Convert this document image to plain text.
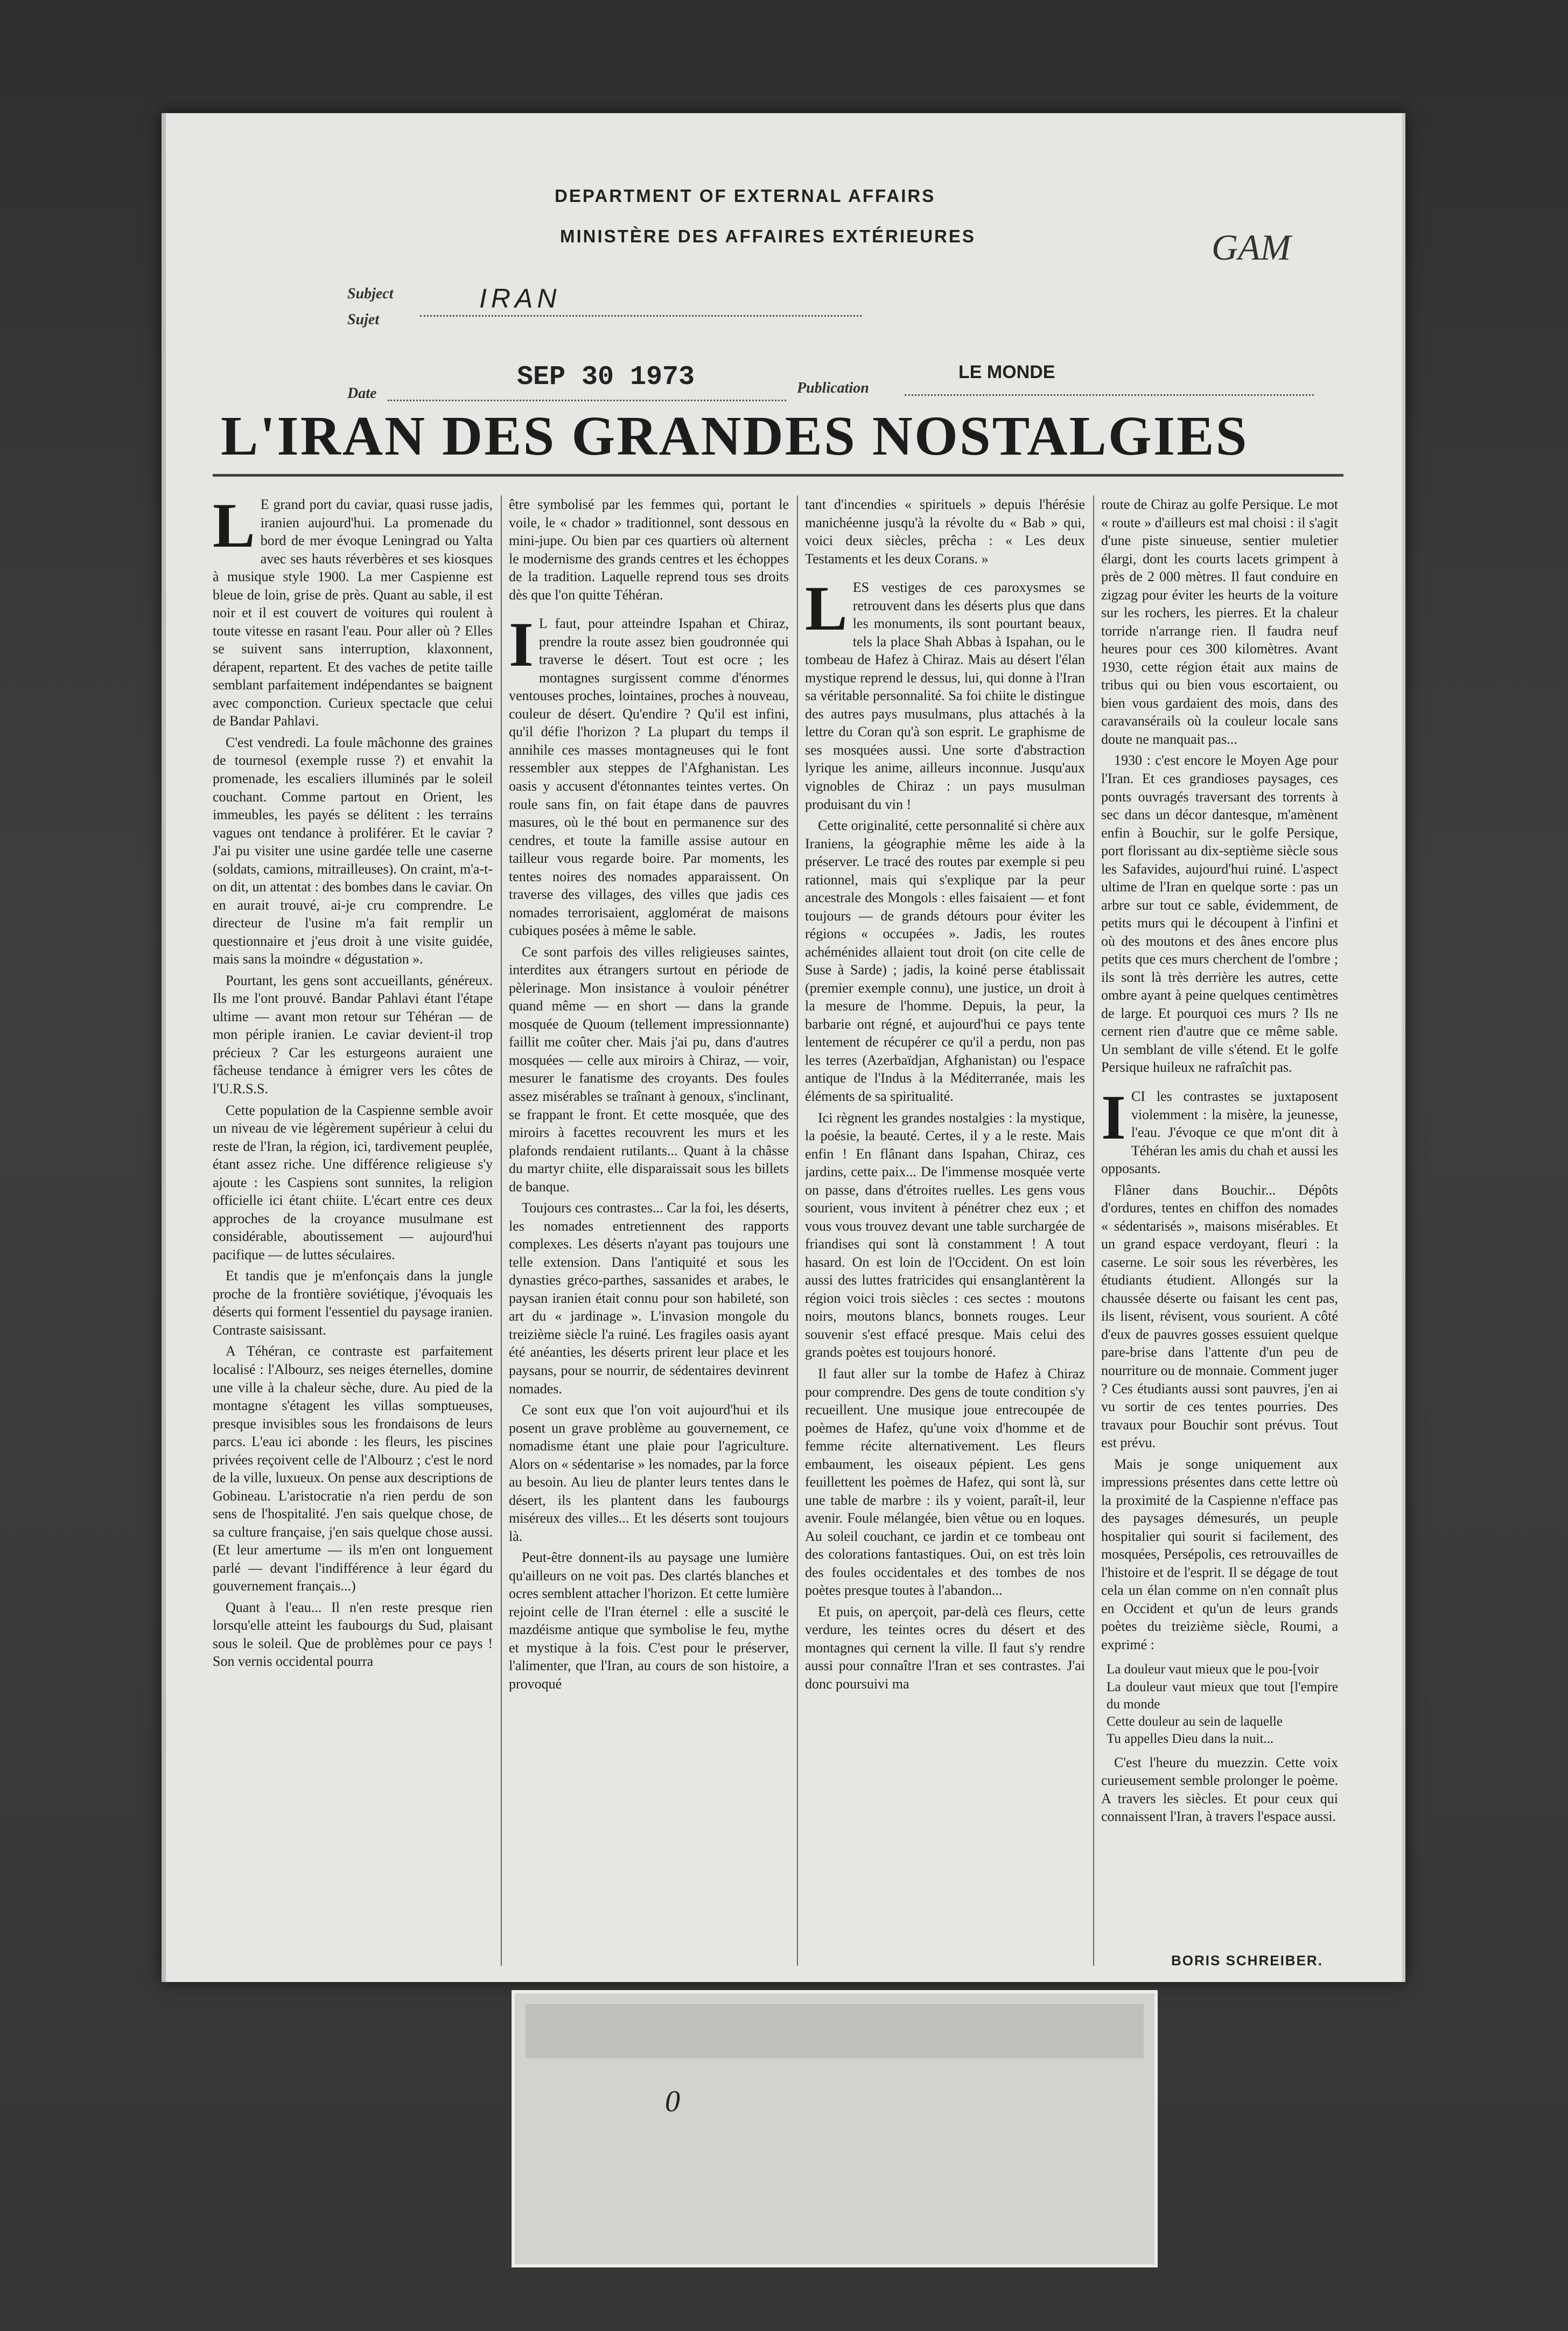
DEPARTMENT OF EXTERNAL AFFAIRS
MINISTÈRE DES AFFAIRES EXTÉRIEURES	GAM
Subject
Sujet
IRAN
Date
SEP 30 1973	Publication
LE MONDE
L'IRAN DES GRANDES NOSTALGIES

L E grand port du caviar, quasi russe jadis, iranien aujourd'hui. La promenade du bord de mer évoque Leningrad ou Yalta avec ses hauts réverbères et ses kiosques à musique style 1900. La mer Caspienne est bleue de loin, grise de près. Quant au sable, il est noir et il est couvert de voitures qui roulent à toute vitesse en rasant l'eau. Pour aller où ? Elles se suivent sans interruption, klaxonnent, dérapent, repartent. Et des vaches de petite taille semblant parfaitement indépendantes se baignent avec componction. Curieux spectacle que celui de Bandar Pahlavi.

C'est vendredi. La foule mâchonne des graines de tournesol (exemple russe ?) et envahit la promenade, les escaliers illuminés par le soleil couchant. Comme partout en Orient, les immeubles, les payés se délitent : les terrains vagues ont tendance à proliférer. Et le caviar ? J'ai pu visiter une usine gardée telle une caserne (soldats, camions, mitrailleuses). On craint, m'a-t-on dit, un attentat : des bombes dans le caviar. On en aurait trouvé, ai-je cru comprendre. Le directeur de l'usine m'a fait remplir un questionnaire et j'eus droit à une visite guidée, mais sans la moindre « dégustation ».

Pourtant, les gens sont accueillants, généreux. Ils me l'ont prouvé. Bandar Pahlavi étant l'étape ultime — avant mon retour sur Téhéran — de mon périple iranien. Le caviar devient-il trop précieux ? Car les esturgeons auraient une fâcheuse tendance à émigrer vers les côtes de l'U.R.S.S.

Cette population de la Caspienne semble avoir un niveau de vie légèrement supérieur à celui du reste de l'Iran, la région, ici, tardivement peuplée, étant assez riche. Une différence religieuse s'y ajoute : les Caspiens sont sunnites, la religion officielle ici étant chiite. L'écart entre ces deux approches de la croyance musulmane est considérable, aboutissement — aujourd'hui pacifique — de luttes séculaires.

Et tandis que je m'enfonçais dans la jungle proche de la frontière soviétique, j'évoquais les déserts qui forment l'essentiel du paysage iranien. Contraste saisissant.

A Téhéran, ce contraste est parfaitement localisé : l'Albourz, ses neiges éternelles, domine une ville à la chaleur sèche, dure. Au pied de la montagne s'étagent les villas somptueuses, presque invisibles sous les frondaisons de leurs parcs. L'eau ici abonde : les fleurs, les piscines privées reçoivent celle de l'Albourz ; c'est le nord de la ville, luxueux. On pense aux descriptions de Gobineau. L'aristocratie n'a rien perdu de son sens de l'hospitalité. J'en sais quelque chose, de sa culture française, j'en sais quelque chose aussi. (Et leur amertume — ils m'en ont longuement parlé — devant l'indifférence à leur égard du gouvernement français...)

Quant à l'eau... Il n'en reste presque rien lorsqu'elle atteint les faubourgs du Sud, plaisant sous le soleil. Que de problèmes pour ce pays ! Son vernis occidental pourra

être symbolisé par les femmes qui, portant le voile, le « chador » traditionnel, sont dessous en mini-jupe. Ou bien par ces quartiers où alternent le modernisme des grands centres et les échoppes de la tradition. Laquelle reprend tous ses droits dès que l'on quitte Téhéran.

I L faut, pour atteindre Ispahan et Chiraz, prendre la route assez bien goudronnée qui traverse le désert. Tout est ocre ; les montagnes surgissent comme d'énormes ventouses proches, lointaines, proches à nouveau, couleur de désert. Qu'endire ? Qu'il est infini, qu'il défie l'horizon ? La plupart du temps il annihile ces masses montagneuses qui le font ressembler aux steppes de l'Afghanistan. Les oasis y accusent d'étonnantes teintes vertes. On roule sans fin, on fait étape dans de pauvres masures, où le thé bout en permanence sur des cendres, et toute la famille assise autour en tailleur vous regarde boire. Par moments, les tentes noires des nomades apparaissent. On traverse des villages, des villes que jadis ces nomades terrorisaient, agglomérat de maisons cubiques posées à même le sable.

Ce sont parfois des villes religieuses saintes, interdites aux étrangers surtout en période de pèlerinage. Mon insistance à vouloir pénétrer quand même — en short — dans la grande mosquée de Quoum (tellement impressionnante) faillit me coûter cher. Mais j'ai pu, dans d'autres mosquées — celle aux miroirs à Chiraz, — voir, mesurer le fanatisme des croyants. Des foules assez misérables se traînant à genoux, s'inclinant, se frappant le front. Et cette mosquée, que des miroirs à facettes recouvrent les murs et les plafonds rendaient rutilants... Quant à la châsse du martyr chiite, elle disparaissait sous les billets de banque.

Toujours ces contrastes... Car la foi, les déserts, les nomades entretiennent des rapports complexes. Les déserts n'ayant pas toujours une telle extension. Dans l'antiquité et sous les dynasties gréco-parthes, sassanides et arabes, le paysan iranien était connu pour son habileté, son art du « jardinage ». L'invasion mongole du treizième siècle l'a ruiné. Les fragiles oasis ayant été anéanties, les déserts prirent leur place et les paysans, pour se nourrir, de sédentaires devinrent nomades.

Ce sont eux que l'on voit aujourd'hui et ils posent un grave problème au gouvernement, ce nomadisme étant une plaie pour l'agriculture. Alors on « sédentarise » les nomades, par la force au besoin. Au lieu de planter leurs tentes dans le désert, ils les plantent dans les faubourgs miséreux des villes... Et les déserts sont toujours là.

Peut-être donnent-ils au paysage une lumière qu'ailleurs on ne voit pas. Des clartés blanches et ocres semblent attacher l'horizon. Et cette lumière rejoint celle de l'Iran éternel : elle a suscité le mazdéisme antique que symbolise le feu, mythe et mystique à la fois. C'est pour le préserver, l'alimenter, que l'Iran, au cours de son histoire, a provoqué

tant d'incendies « spirituels » depuis l'hérésie manichéenne jusqu'à la révolte du « Bab » qui, voici deux siècles, prêcha : « Les deux Testaments et les deux Corans. »

LES vestiges de ces paroxysmes se retrouvent dans les déserts plus que dans les monuments, ils sont pourtant beaux, tels la place Shah Abbas à Ispahan, ou le tombeau de Hafez à Chiraz. Mais au désert l'élan mystique reprend le dessus, lui, qui donne à l'Iran sa véritable personnalité. Sa foi chiite le distingue des autres pays musulmans, plus attachés à la lettre du Coran qu'à son esprit. Le graphisme de ses mosquées aussi. Une sorte d'abstraction lyrique les anime, ailleurs inconnue. Jusqu'aux vignobles de Chiraz : un pays musulman produisant du vin !

Cette originalité, cette personnalité si chère aux Iraniens, la géographie même les aide à la préserver. Le tracé des routes par exemple si peu rationnel, mais qui s'explique par la peur ancestrale des Mongols : elles faisaient — et font toujours — de grands détours pour éviter les régions « occupées ». Jadis, les routes achéménides allaient tout droit (on cite celle de Suse à Sarde) ; jadis, la koiné perse établissait (premier exemple connu), une justice, un droit à la mesure de l'homme. Depuis, la peur, la barbarie ont régné, et aujourd'hui ce pays tente lentement de récupérer ce qu'il a perdu, non pas les terres (Azerbaïdjan, Afghanistan) ou l'espace antique de l'Indus à la Méditerranée, mais les éléments de sa spiritualité.

Ici règnent les grandes nostalgies : la mystique, la poésie, la beauté. Certes, il y a le reste. Mais enfin ! En flânant dans Ispahan, Chiraz, ces jardins, cette paix... De l'immense mosquée verte on passe, dans d'étroites ruelles. Les gens vous sourient, vous invitent à pénétrer chez eux ; et vous vous trouvez devant une table surchargée de friandises qui sont là constamment ! A tout hasard. On est loin de l'Occident. On est loin aussi des luttes fratricides qui ensanglantèrent la région voici trois siècles : ces sectes : moutons noirs, moutons blancs, bonnets rouges. Leur souvenir s'est effacé presque. Mais celui des grands poètes est toujours honoré.

Il faut aller sur la tombe de Hafez à Chiraz pour comprendre. Des gens de toute condition s'y recueillent. Une musique joue entrecoupée de poèmes de Hafez, qu'une voix d'homme et de femme récite alternativement. Les fleurs embaument, les oiseaux pépient. Les gens feuillettent les poèmes de Hafez, qui sont là, sur une table de marbre : ils y voient, paraît-il, leur avenir. Foule mélangée, bien vêtue ou en loques. Au soleil couchant, ce jardin et ce tombeau ont des colorations fantastiques. Oui, on est très loin des foules occidentales et des tombes de nos poètes presque toutes à l'abandon...

Et puis, on aperçoit, par-delà ces fleurs, cette verdure, les teintes ocres du désert et des montagnes qui cernent la ville. Il faut s'y rendre aussi pour connaître l'Iran et ses contrastes. J'ai donc poursuivi ma

route de Chiraz au golfe Persique. Le mot « route » d'ailleurs est mal choisi : il s'agit d'une piste sinueuse, sentier muletier élargi, dont les courts lacets grimpent à près de 2 000 mètres. Il faut conduire en zigzag pour éviter les heurts de la voiture sur les rochers, les pierres. Et la chaleur torride n'arrange rien. Il faudra neuf heures pour ces 300 kilomètres. Avant 1930, cette région était aux mains de tribus qui ou bien vous escortaient, ou bien vous gardaient des mois, dans des caravansérails où la couleur locale sans doute ne manquait pas...

1930 : c'est encore le Moyen Age pour l'Iran. Et ces grandioses paysages, ces ponts ouvragés traversant des torrents à sec dans un décor dantesque, m'amènent enfin à Bouchir, sur le golfe Persique, port florissant au dix-septième siècle sous les Safavides, aujourd'hui ruiné. L'aspect ultime de l'Iran en quelque sorte : pas un arbre sur tout ce sable, évidemment, de petits murs qui le découpent à l'infini et où des moutons et des ânes encore plus petits que ces murs cherchent de l'ombre ; ils sont là très derrière les autres, cette ombre ayant à peine quelques centimètres de large. Et pourquoi ces murs ? Ils ne cernent rien d'autre que ce même sable. Un semblant de ville s'étend. Et le golfe Persique huileux ne rafraîchit pas.

ICI les contrastes se juxtaposent violemment : la misère, la jeunesse, l'eau. J'évoque ce que m'ont dit à Téhéran les amis du chah et aussi les opposants.

Flâner dans Bouchir... Dépôts d'ordures, tentes en chiffon des nomades « sédentarisés », maisons misérables. Et un grand espace verdoyant, fleuri : la caserne. Le soir sous les réverbères, les étudiants étudient. Allongés sur la chaussée déserte ou faisant les cent pas, ils lisent, révisent, vous sourient. A côté d'eux de pauvres gosses essuient quelque pare-brise dans l'attente d'un peu de nourriture ou de monnaie. Comment juger ? Ces étudiants aussi sont pauvres, j'en ai vu sortir de ces tentes pourries. Des travaux pour Bouchir sont prévus. Tout est prévu.

Mais je songe uniquement aux impressions présentes dans cette lettre où la proximité de la Caspienne n'efface pas des paysages démesurés, un peuple hospitalier qui sourit si facilement, des mosquées, Persépolis, ces retrouvailles de l'histoire et de l'esprit. Il se dégage de tout cela un élan comme on n'en connaît plus en Occident et qu'un de leurs grands poètes du treizième siècle, Roumi, a exprimé :

La douleur vaut mieux que le pou-[voir

La douleur vaut mieux que tout [l'empire du monde

Cette douleur au sein de laquelle

Tu appelles Dieu dans la nuit...

C'est l'heure du muezzin. Cette voix curieusement semble prolonger le poème. A travers les siècles. Et pour ceux qui connaissent l'Iran, à travers l'espace aussi.

BORIS SCHREIBER.
0
